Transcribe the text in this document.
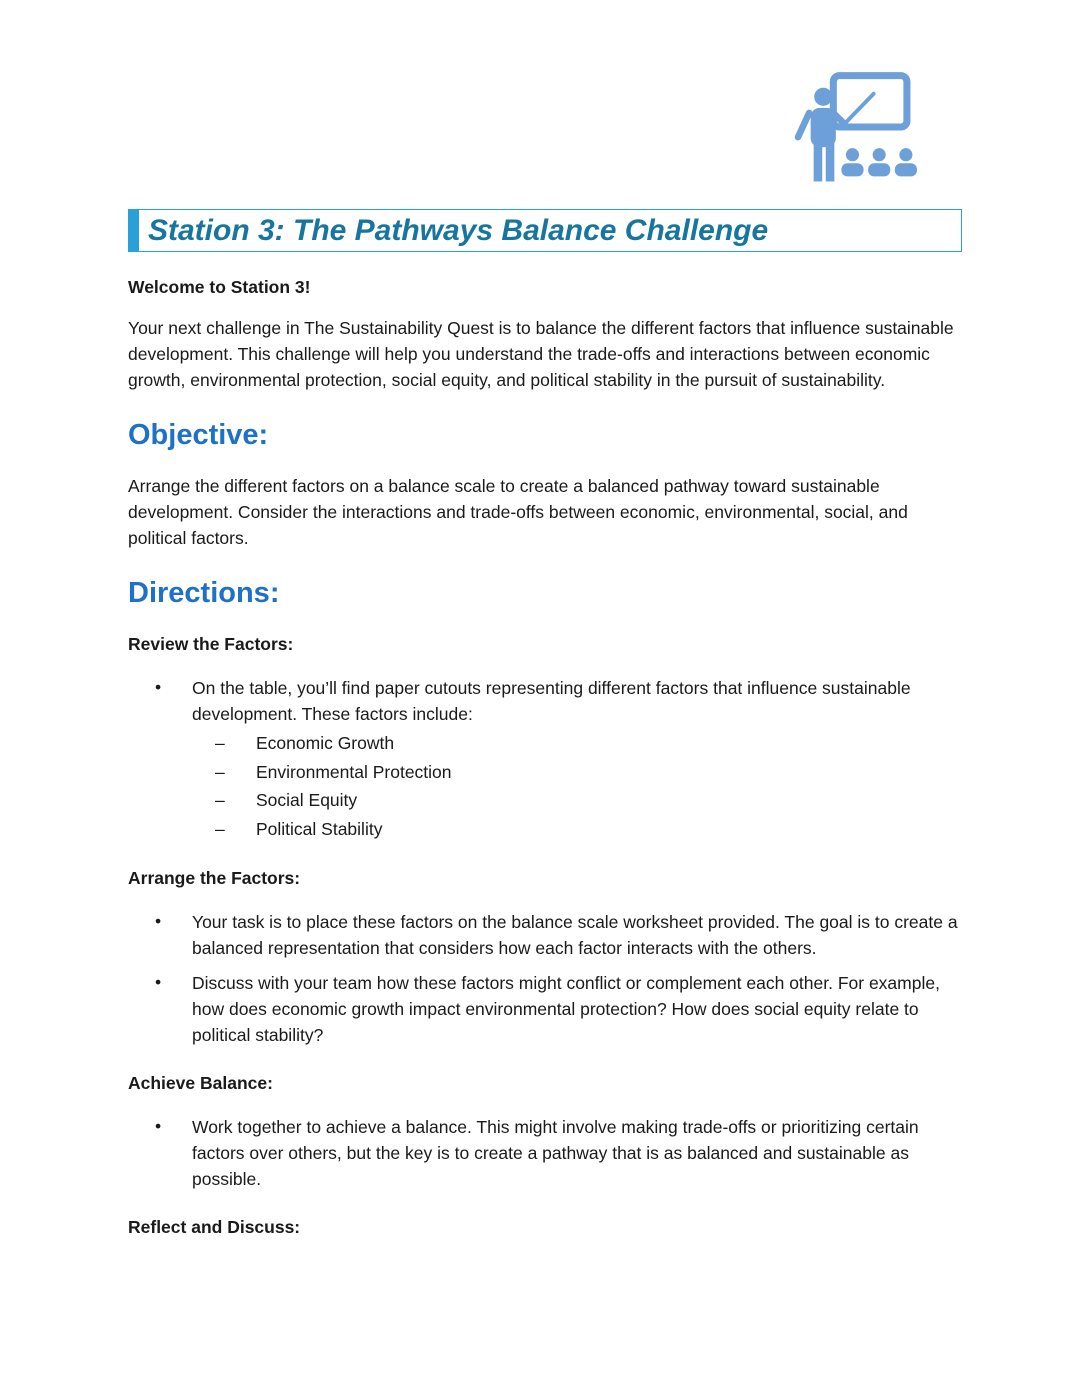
Station 3: The Pathways Balance Challenge
Welcome to Station 3!

Your next challenge in The Sustainability Quest is to balance the different factors that influence sustainable development. This challenge will help you understand the trade-offs and interactions between economic growth, environmental protection, social equity, and political stability in the pursuit of sustainability.

Objective:

Arrange the different factors on a balance scale to create a balanced pathway toward sustainable development. Consider the interactions and trade-offs between economic, environmental, social, and political factors.

Directions:
Review the Factors:
• On the table, you’ll find paper cutouts representing different factors that influence sustainable development. These factors include:
– Economic Growth
– Environmental Protection
– Social Equity
– Political Stability
Arrange the Factors:
• Your task is to place these factors on the balance scale worksheet provided. The goal is to create a balanced representation that considers how each factor interacts with the others.
• Discuss with your team how these factors might conflict or complement each other. For example, how does economic growth impact environmental protection? How does social equity relate to political stability?
Achieve Balance:
• Work together to achieve a balance. This might involve making trade-offs or prioritizing certain factors over others, but the key is to create a pathway that is as balanced and sustainable as possible.
Reflect and Discuss:
